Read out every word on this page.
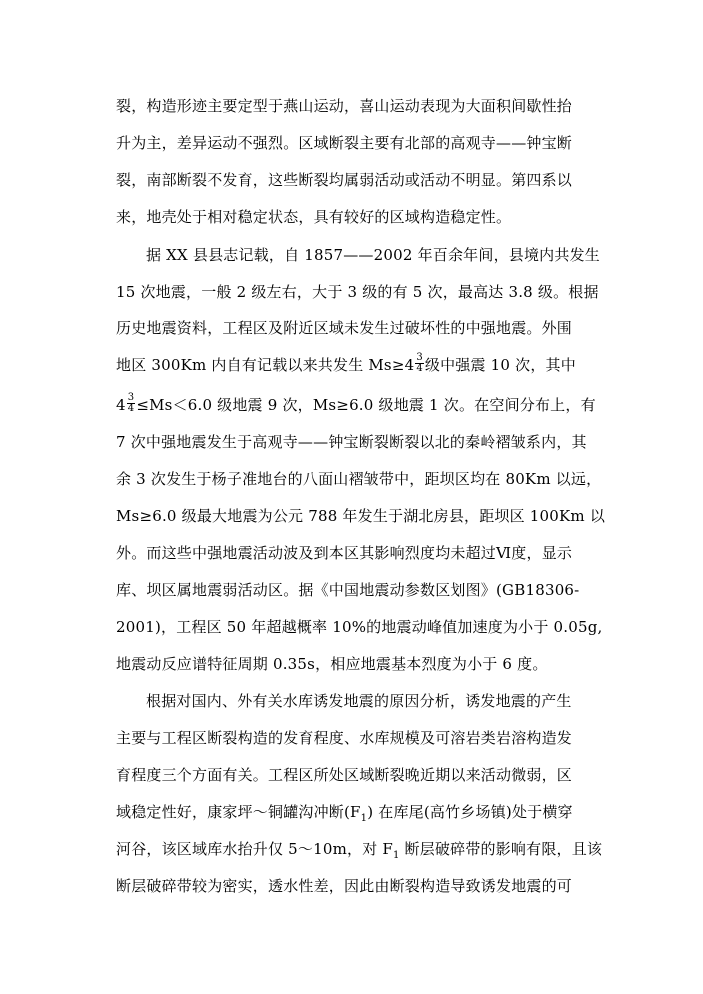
裂，构造形迹主要定型于燕山运动，喜山运动表现为大面积间歇性抬
升为主，差异运动不强烈。区域断裂主要有北部的高观寺——钟宝断
裂，南部断裂不发育，这些断裂均属弱活动或活动不明显。第四系以
来，地壳处于相对稳定状态，具有较好的区域构造稳定性。
据 XX 县县志记载，自 1857——2002 年百余年间，县境内共发生
15 次地震，一般 2 级左右，大于 3 级的有 5 次，最高达 3.8 级。根据
历史地震资料，工程区及附近区域未发生过破坏性的中强地震。外围
地区 300Km 内自有记载以来共发生 $Ms\ge 4 \frac{3}{4}$ 级中强震 10 次，其中
$4 \frac{3}{4} \le Ms<6.0$ 级地震 9 次，Ms≥6.0 级地震 1 次。在空间分布上，有
7 次中强地震发生于高观寺——钟宝断裂断裂以北的秦岭褶皱系内，其
余 3 次发生于杨子准地台的八面山褶皱带中，距坝区均在 80Km 以远，
Ms≥6.0 级最大地震为公元 788 年发生于湖北房县，距坝区 100Km 以
外。而这些中强地震活动波及到本区其影响烈度均未超过Ⅵ度，显示
库、坝区属地震弱活动区。据《中国地震动参数区划图》(GB18306-
2001)，工程区 50 年超越概率 10%的地震动峰值加速度为小于 0.05g,
地震动反应谱特征周期 0.35s，相应地震基本烈度为小于 6 度。
根据对国内、外有关水库诱发地震的原因分析，诱发地震的产生
主要与工程区断裂构造的发育程度、水库规模及可溶岩类岩溶构造发
育程度三个方面有关。工程区所处区域断裂晚近期以来活动微弱，区
域稳定性好，康家坪～铜罐沟冲断$(F_1)$ 在库尾(高竹乡场镇)处于横穿
河谷，该区域库水抬升仅 5～10m，对 $F_1$ 断层破碎带的影响有限，且该
断层破碎带较为密实，透水性差，因此由断裂构造导致诱发地震的可
